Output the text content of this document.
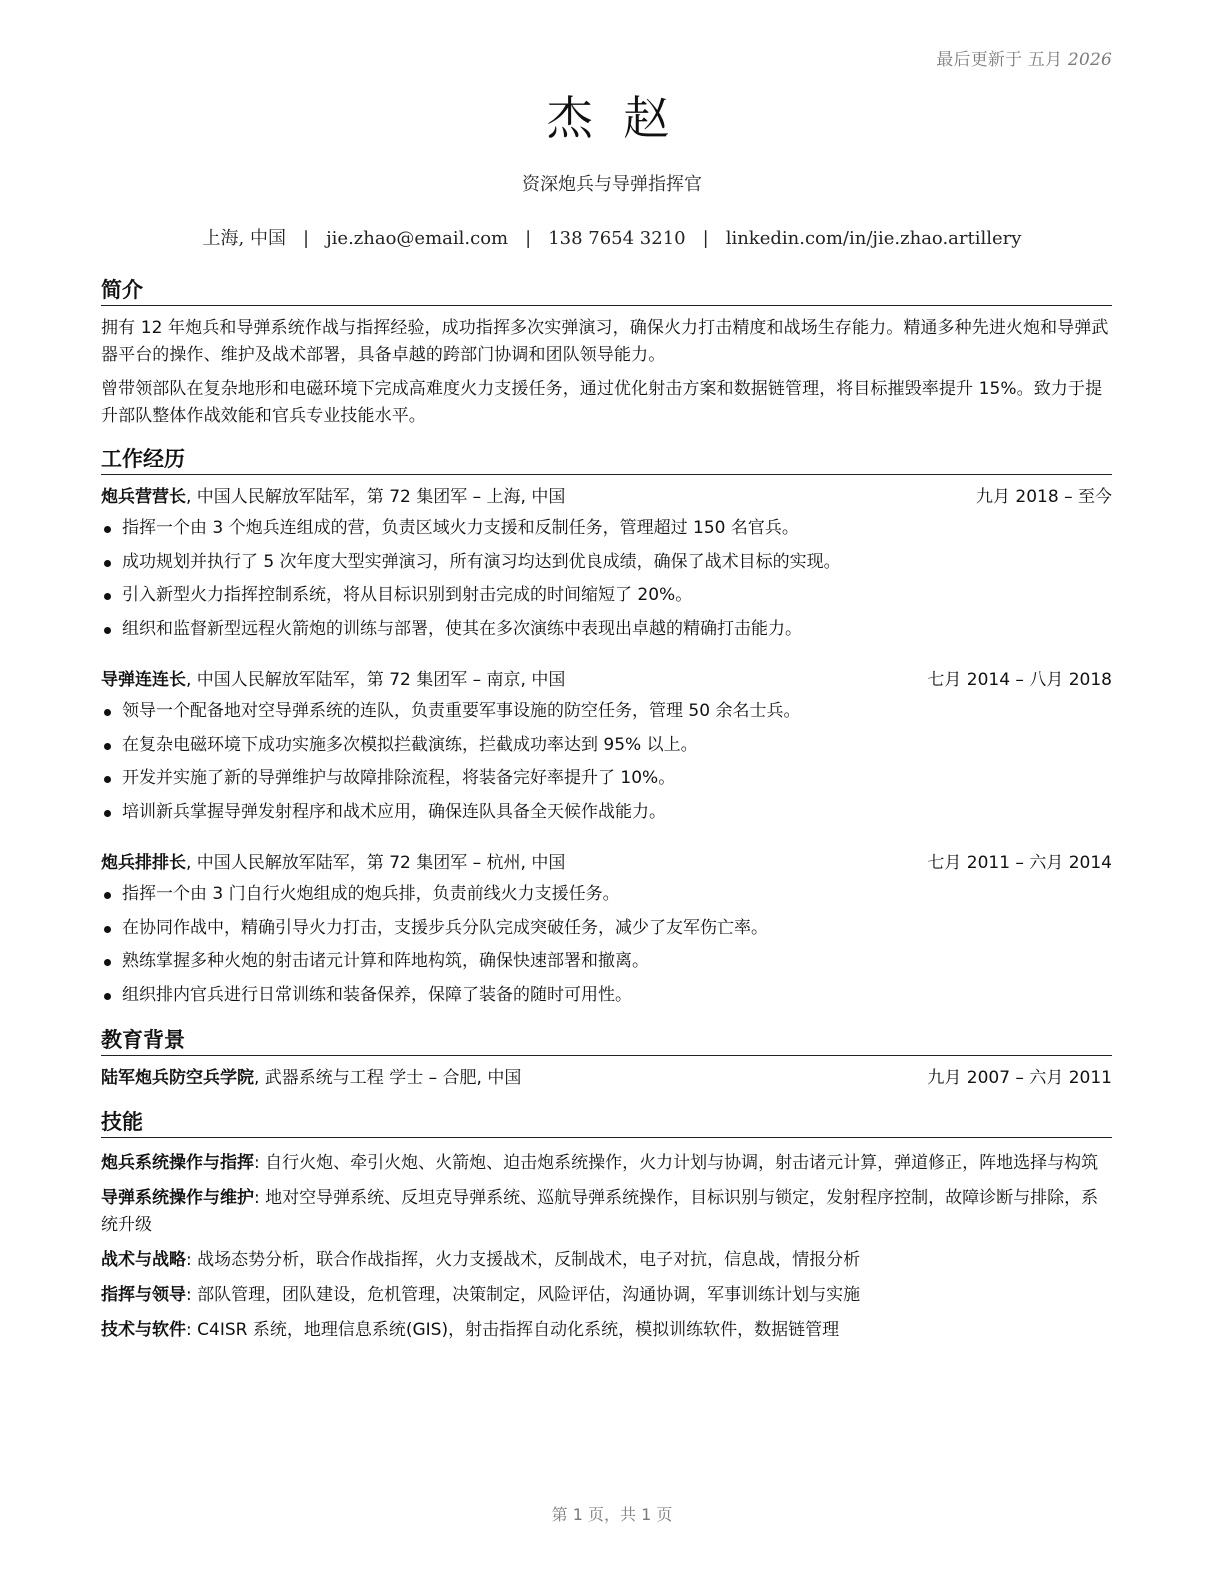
最后更新于 五月 2026
杰 赵
资深炮兵与导弹指挥官
上海, 中国 | jie.zhao@email.com | 138 7654 3210 | linkedin.com/in/jie.zhao.artillery
简介

拥有 12 年炮兵和导弹系统作战与指挥经验，成功指挥多次实弹演习，确保火力打击精度和战场生存能力。精通多种先进火炮和导弹武器平台的操作、维护及战术部署，具备卓越的跨部门协调和团队领导能力。

曾带领部队在复杂地形和电磁环境下完成高难度火力支援任务，通过优化射击方案和数据链管理，将目标摧毁率提升 15%。致力于提升部队整体作战效能和官兵专业技能水平。

工作经历
炮兵营营长, 中国人民解放军陆军，第 72 集团军 – 上海, 中国	九月 2018 – 至今
指挥一个由 3 个炮兵连组成的营，负责区域火力支援和反制任务，管理超过 150 名官兵。
成功规划并执行了 5 次年度大型实弹演习，所有演习均达到优良成绩，确保了战术目标的实现。
引入新型火力指挥控制系统，将从目标识别到射击完成的时间缩短了 20%。
组织和监督新型远程火箭炮的训练与部署，使其在多次演练中表现出卓越的精确打击能力。
导弹连连长, 中国人民解放军陆军，第 72 集团军 – 南京, 中国	七月 2014 – 八月 2018
领导一个配备地对空导弹系统的连队，负责重要军事设施的防空任务，管理 50 余名士兵。
在复杂电磁环境下成功实施多次模拟拦截演练，拦截成功率达到 95% 以上。
开发并实施了新的导弹维护与故障排除流程，将装备完好率提升了 10%。
培训新兵掌握导弹发射程序和战术应用，确保连队具备全天候作战能力。
炮兵排排长, 中国人民解放军陆军，第 72 集团军 – 杭州, 中国	七月 2011 – 六月 2014
指挥一个由 3 门自行火炮组成的炮兵排，负责前线火力支援任务。
在协同作战中，精确引导火力打击，支援步兵分队完成突破任务，减少了友军伤亡率。
熟练掌握多种火炮的射击诸元计算和阵地构筑，确保快速部署和撤离。
组织排内官兵进行日常训练和装备保养，保障了装备的随时可用性。
教育背景
陆军炮兵防空兵学院, 武器系统与工程 学士 – 合肥, 中国	九月 2007 – 六月 2011
技能

炮兵系统操作与指挥: 自行火炮、牵引火炮、火箭炮、迫击炮系统操作，火力计划与协调，射击诸元计算，弹道修正，阵地选择与构筑

导弹系统操作与维护: 地对空导弹系统、反坦克导弹系统、巡航导弹系统操作，目标识别与锁定，发射程序控制，故障诊断与排除，系统升级

战术与战略: 战场态势分析，联合作战指挥，火力支援战术，反制战术，电子对抗，信息战，情报分析

指挥与领导: 部队管理，团队建设，危机管理，决策制定，风险评估，沟通协调，军事训练计划与实施

技术与软件: C4ISR 系统，地理信息系统(GIS)，射击指挥自动化系统，模拟训练软件，数据链管理

第 1 页，共 1 页
